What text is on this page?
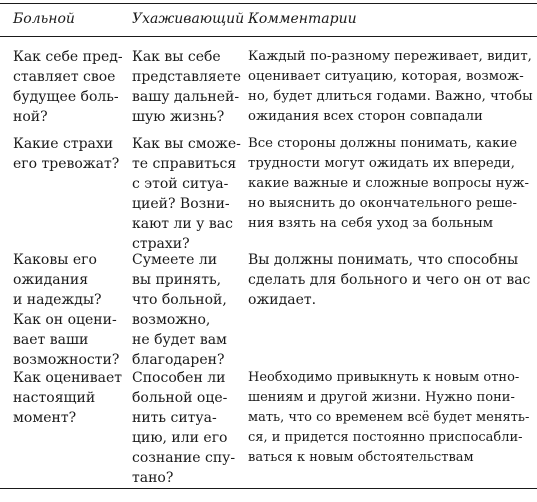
Больной	Ухаживающий Комментарии
Как себе пред-
ставляет свое
будущее боль-
ной?
Как вы себе
представляете
вашу дальней-
шую жизнь?
Каждый по-разному переживает, видит,
оценивает ситуацию, которая, возмож-
но, будет длиться годами. Важно, чтобы
ожидания всех сторон совпадали
Какие страхи
его тревожат?
Как вы сможе-
те справиться
с этой ситуа-
цией? Возни-
кают ли у вас
страхи?
Все стороны должны понимать, какие
трудности могут ожидать их впереди,
какие важные и сложные вопросы нуж-
но выяснить до окончательного реше-
ния взять на себя уход за больным
Каковы его
ожидания
и надежды?
Как он оцени-
вает ваши
возможности?
Сумеете ли
вы принять,
что больной,
возможно,
не будет вам
благодарен?
Вы должны понимать, что способны
сделать для больного и чего он от вас
ожидает.
Как оценивает
настоящий
момент?
Способен ли
больной оце-
нить ситуа-
цию, или его
сознание спу-
тано?
Необходимо привыкнуть к новым отно-
шениям и другой жизни. Нужно пони-
мать, что со временем всё будет менять-
ся, и придется постоянно приспосабли-
ваться к новым обстоятельствам
